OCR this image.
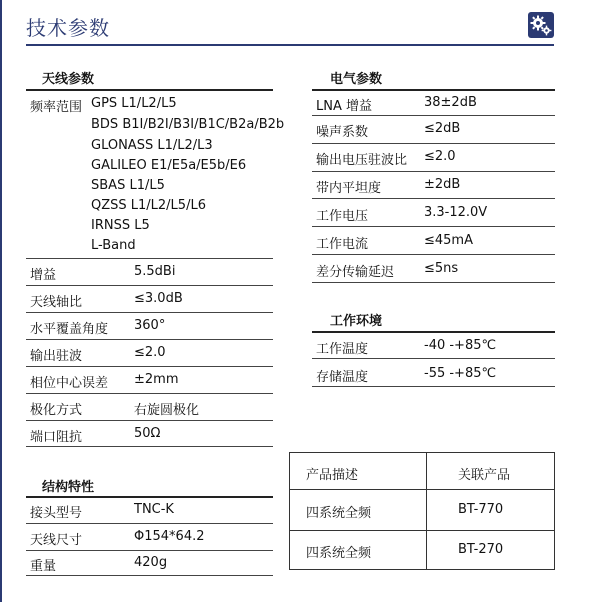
技术参数
天线参数
频率范围 GPS L1/L2/L5
BDS B1I/B2I/B3I/B1C/B2a/B2b
GLONASS L1/L2/L3
GALILEO E1/E5a/E5b/E6
SBAS L1/L5
QZSS L1/L2/L5/L6
IRNSS L5
L-Band
增益	5.5dBi
天线轴比	≤3.0dB
水平覆盖角度 360°
输出驻波	≤2.0
相位中心误差 ±2mm
极化方式	右旋圆极化
端口阻抗	50Ω
结构特性
接头型号	TNC-K
天线尺寸	Φ154*64.2
重量	420g
电气参数
LNA 增益	38±2dB
噪声系数	≤2dB
输出电压驻波比 ≤2.0
带内平坦度	±2dB
工作电压	3.3-12.0V
工作电流	≤45mA
差分传输延迟 ≤5ns
工作环境
工作温度	-40 -+85℃
存储温度	-55 -+85℃
产品描述	关联产品
四系统全频	BT-770
四系统全频	BT-270
